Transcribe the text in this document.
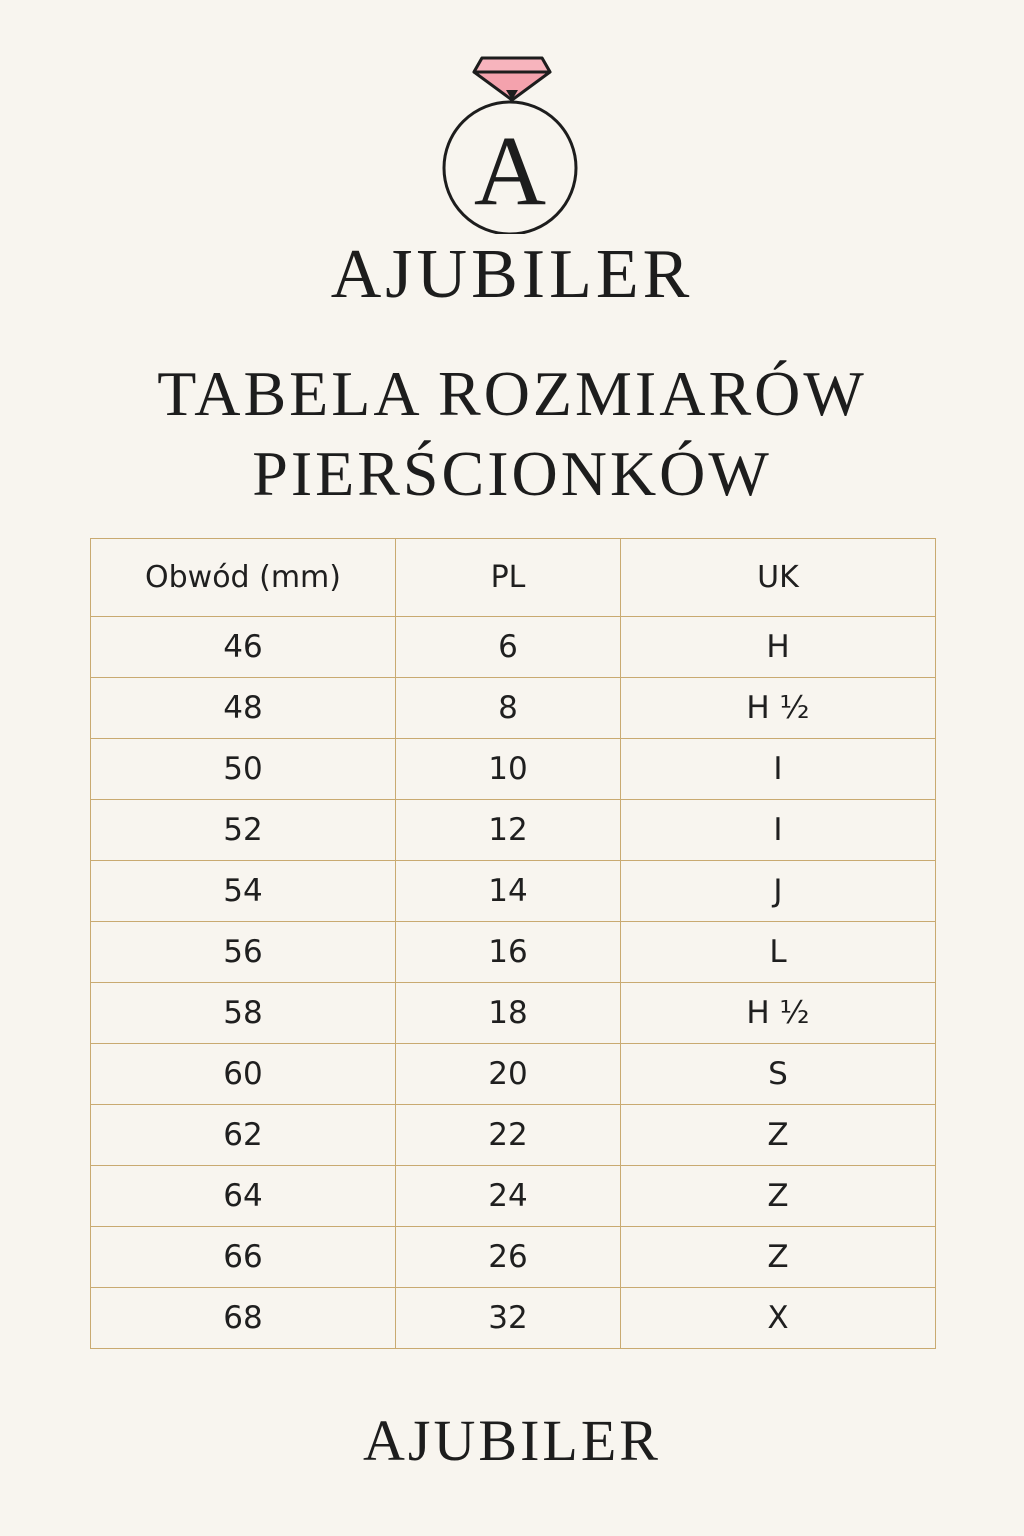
A
AJUBILER
TABELA ROZMIARÓW
PIERŚCIONKÓW
Obwód (mm)	PL	UK
46	6	H
48	8	H ½
50	10	I
52	12	I
54	14	J
56	16	L
58	18	H ½
60	20	S
62	22	Z
64	24	Z
66	26	Z
68	32	X
AJUBILER
